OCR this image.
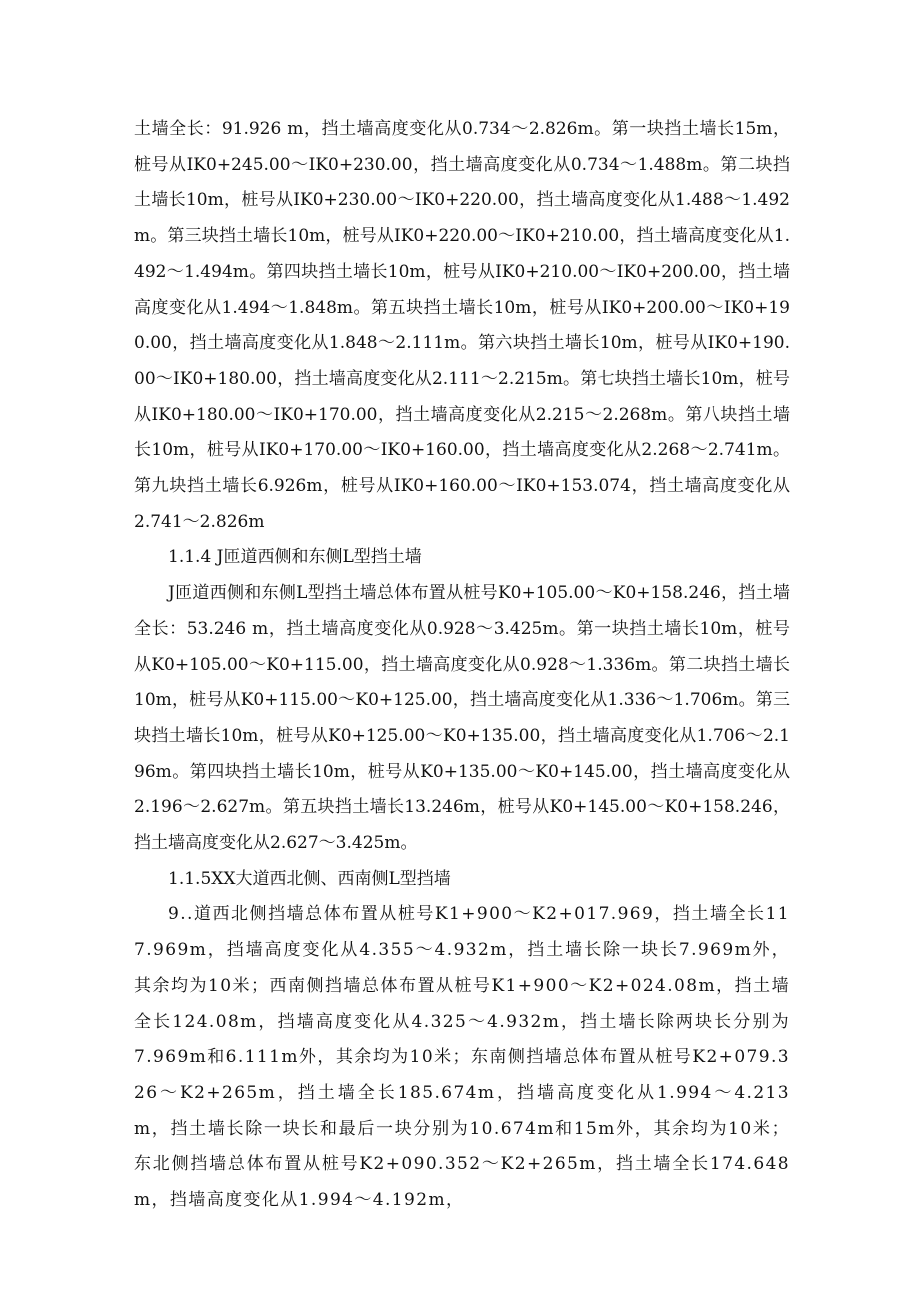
土墙全长：91.926 m，挡土墙高度变化从0.734～2.826m。第一块挡土墙长15m，桩号从IK0+245.00～IK0+230.00，挡土墙高度变化从0.734～1.488m。第二块挡土墙长10m，桩号从IK0+230.00～IK0+220.00，挡土墙高度变化从1.488～1.492m。第三块挡土墙长10m，桩号从IK0+220.00～IK0+210.00，挡土墙高度变化从1.492～1.494m。第四块挡土墙长10m，桩号从IK0+210.00～IK0+200.00，挡土墙高度变化从1.494～1.848m。第五块挡土墙长10m，桩号从IK0+200.00～IK0+190.00，挡土墙高度变化从1.848～2.111m。第六块挡土墙长10m，桩号从IK0+190.00～IK0+180.00，挡土墙高度变化从2.111～2.215m。第七块挡土墙长10m，桩号从IK0+180.00～IK0+170.00，挡土墙高度变化从2.215～2.268m。第八块挡土墙长10m，桩号从IK0+170.00～IK0+160.00，挡土墙高度变化从2.268～2.741m。第九块挡土墙长6.926m，桩号从IK0+160.00～IK0+153.074，挡土墙高度变化从2.741～2.826m

1.1.4 J匝道西侧和东侧L型挡土墙

J匝道西侧和东侧L型挡土墙总体布置从桩号K0+105.00～K0+158.246，挡土墙全长：53.246 m，挡土墙高度变化从0.928～3.425m。第一块挡土墙长10m，桩号从K0+105.00～K0+115.00，挡土墙高度变化从0.928～1.336m。第二块挡土墙长10m，桩号从K0+115.00～K0+125.00，挡土墙高度变化从1.336～1.706m。第三块挡土墙长10m，桩号从K0+125.00～K0+135.00，挡土墙高度变化从1.706～2.196m。第四块挡土墙长10m，桩号从K0+135.00～K0+145.00，挡土墙高度变化从2.196～2.627m。第五块挡土墙长13.246m，桩号从K0+145.00～K0+158.246，挡土墙高度变化从2.627～3.425m。

1.1.5XX大道西北侧、西南侧L型挡墙

9..道西北侧挡墙总体布置从桩号K1+900～K2+017.969，挡土墙全长117.969m，挡墙高度变化从4.355～4.932m，挡土墙长除一块长7.969m外，其余均为10米；西南侧挡墙总体布置从桩号K1+900～K2+024.08m，挡土墙全长124.08m，挡墙高度变化从4.325～4.932m，挡土墙长除两块长分别为7.969m和6.111m外，其余均为10米；东南侧挡墙总体布置从桩号K2+079.326～K2+265m，挡土墙全长185.674m，挡墙高度变化从1.994～4.213m，挡土墙长除一块长和最后一块分别为10.674m和15m外，其余均为10米；东北侧挡墙总体布置从桩号K2+090.352～K2+265m，挡土墙全长174.648m，挡墙高度变化从1.994～4.192m，
